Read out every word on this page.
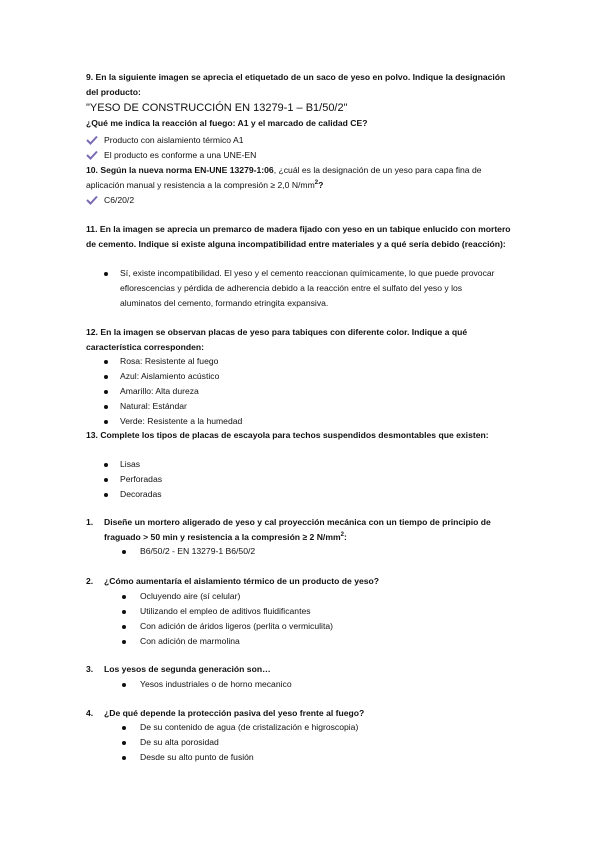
9. En la siguiente imagen se aprecia el etiquetado de un saco de yeso en polvo. Indique la designación del producto:

"YESO DE CONSTRUCCIÓN EN 13279-1 – B1/50/2"

¿Qué me indica la reacción al fuego: A1 y el marcado de calidad CE?

Producto con aislamiento térmico A1
El producto es conforme a una UNE-EN

10. Según la nueva norma EN-UNE 13279-1:06, ¿cuál es la designación de un yeso para capa fina de aplicación manual y resistencia a la compresión ≥ 2,0 $N/mm^2$?

C6/20/2

11. En la imagen se aprecia un premarco de madera fijado con yeso en un tabique enlucido con mortero de cemento. Indique si existe alguna incompatibilidad entre materiales y a qué sería debido (reacción):

Sí, existe incompatibilidad. El yeso y el cemento reaccionan químicamente, lo que puede provocar eflorescencias y pérdida de adherencia debido a la reacción entre el sulfato del yeso y los aluminatos del cemento, formando etringita expansiva.

12. En la imagen se observan placas de yeso para tabiques con diferente color. Indique a qué característica corresponden:

Rosa: Resistente al fuego
Azul: Aislamiento acústico
Amarillo: Alta dureza
Natural: Estándar
Verde: Resistente a la humedad

13. Complete los tipos de placas de escayola para techos suspendidos desmontables que existen:

Lisas
Perforadas
Decoradas
1. Diseñe un mortero aligerado de yeso y cal proyección mecánica con un tiempo de principio de fraguado > 50 min y resistencia a la compresión ≥ 2 $N/mm^2$:
B6/50/2 - EN 13279-1 B6/50/2
2. ¿Cómo aumentaría el aislamiento térmico de un producto de yeso?
Ocluyendo aire (sí celular)
Utilizando el empleo de aditivos fluidificantes
Con adición de áridos ligeros (perlita o vermiculita)
Con adición de marmolina
3. Los yesos de segunda generación son…
Yesos industriales o de horno mecanico
4. ¿De qué depende la protección pasiva del yeso frente al fuego?
De su contenido de agua (de cristalización e higroscopia)
De su alta porosidad
Desde su alto punto de fusión
